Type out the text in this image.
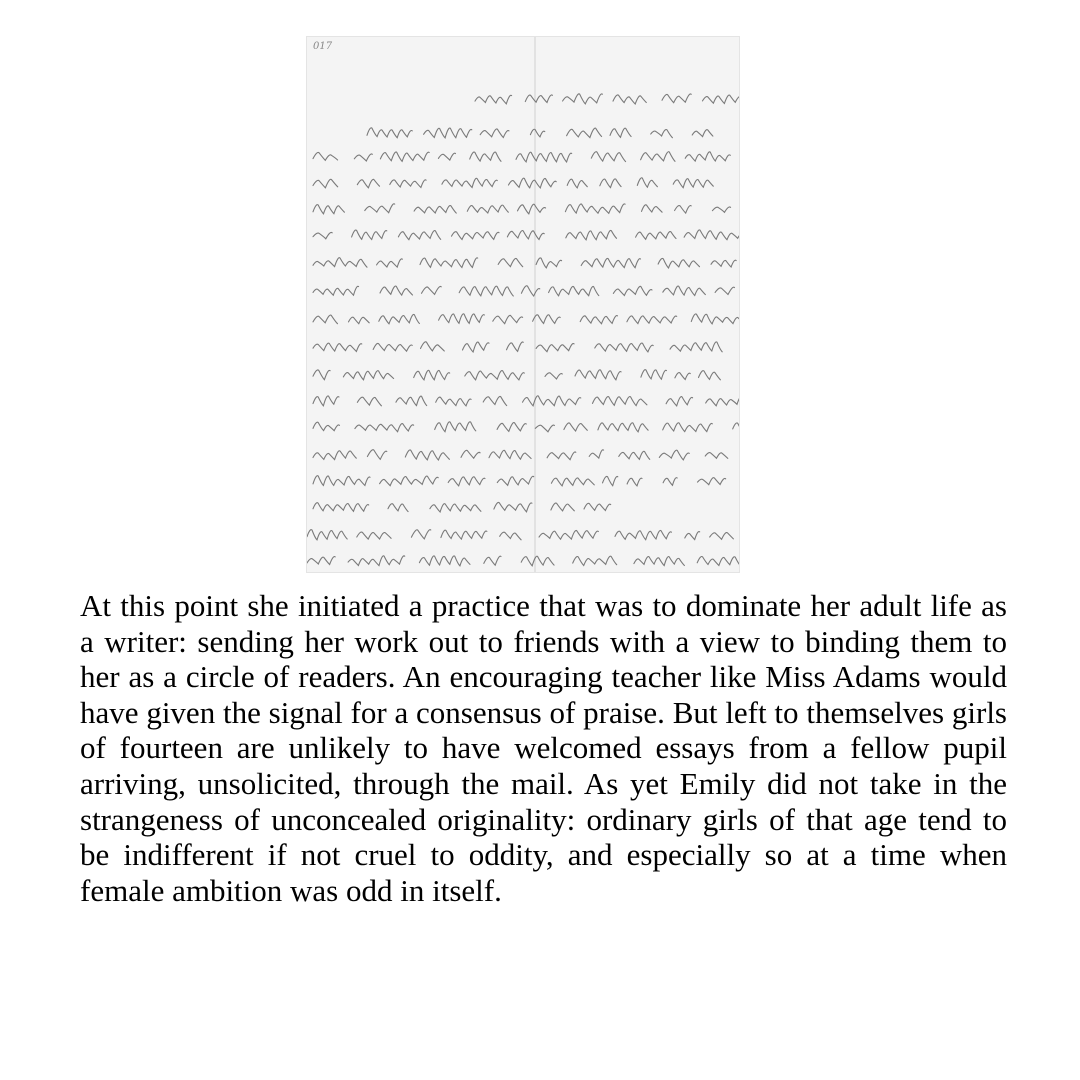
017

At this point she initiated a practice that was to dominate her adult life as a writer: sending her work out to friends with a view to binding them to her as a circle of readers. An encouraging teacher like Miss Adams would have given the signal for a consensus of praise. But left to themselves girls of fourteen are unlikely to have welcomed essays from a fellow pupil arriving, unsolicited, through the mail. As yet Emily did not take in the strangeness of unconcealed originality: ordinary girls of that age tend to be indifferent if not cruel to oddity, and especially so at a time when female ambition was odd in itself.
